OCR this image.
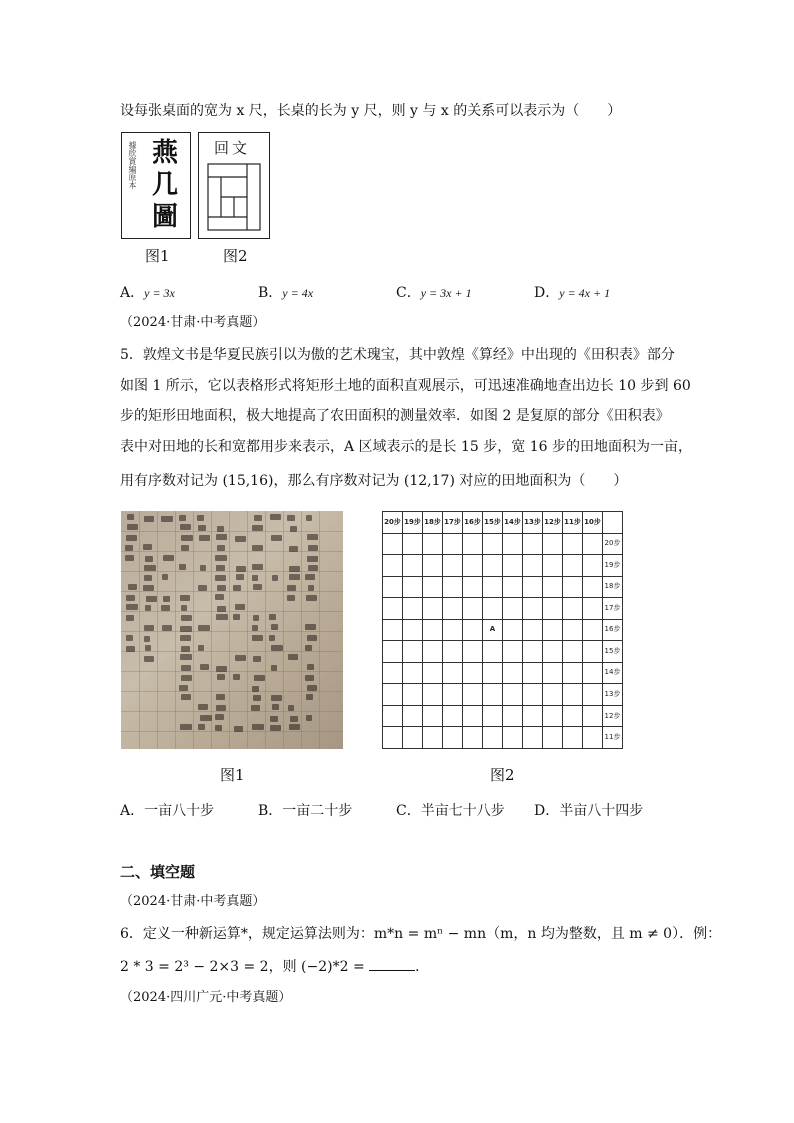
设每张桌面的宽为 x 尺，长桌的长为 y 尺，则 y 与 x 的关系可以表示为（　　）
據欣賞編原本 燕
几
圖
图1
回文
图2
A．y = 3x	B．y = 4x	C．y = 3x + 1	D．y = 4x + 1
（2024·甘肃·中考真题）
5．敦煌文书是华夏民族引以为傲的艺术瑰宝，其中敦煌《算经》中出现的《田积表》部分
如图 1 所示，它以表格形式将矩形土地的面积直观展示，可迅速准确地查出边长 10 步到 60
步的矩形田地面积，极大地提高了农田面积的测量效率．如图 2 是复原的部分《田积表》
表中对田地的长和宽都用步来表示，A 区域表示的是长 15 步，宽 16 步的田地面积为一亩，
用有序数对记为 (15,16)，那么有序数对记为 (12,17) 对应的田地面积为（　　）
图1
20步	19步	18步	17步	16步	15步	14步	13步	12步	11步	10步	
											20步
											19步
											18步
											17步
					A						16步
											15步
											14步
											13步
											12步
											11步
图2
A．一亩八十步	B．一亩二十步	C．半亩七十八步 D．半亩八十四步
二、填空题
（2024·甘肃·中考真题）
6．定义一种新运算*，规定运算法则为：m*n = mⁿ − mn（m，n 均为整数，且 m ≠ 0）．例：
2 * 3 = 2³ − 2×3 = 2，则 (−2)*2 =	．
（2024·四川广元·中考真题）
